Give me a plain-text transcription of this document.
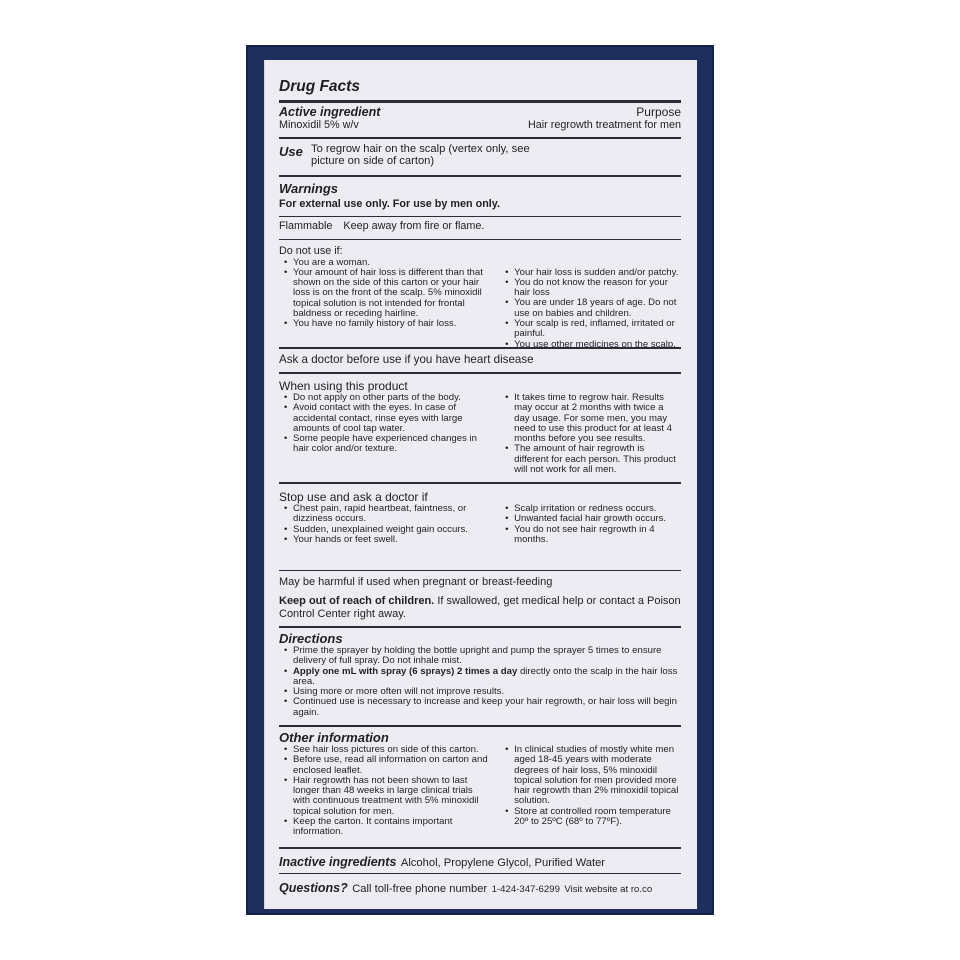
Drug Facts
Active ingredient	Purpose
Minoxidil 5% w/v	Hair regrowth treatment for men
Use To regrow hair on the scalp (vertex only, see
picture on side of carton)
Warnings
For external use only. For use by men only.
Flammable Keep away from fire or flame.
Do not use if:
• You are a woman.
• Your amount of hair loss is different than that shown on the side of this carton or your hair loss is on the front of the scalp. 5% minoxidil topical solution is not intended for frontal baldness or receding hairline.
• You have no family history of hair loss.
• Your hair loss is sudden and/or patchy.
• You do not know the reason for your hair loss
• You are under 18 years of age. Do not use on babies and children.
• Your scalp is red, inflamed, irritated or painful.
• You use other medicines on the scalp.
Ask a doctor before use if you have heart disease
When using this product
• Do not apply on other parts of the body.
• Avoid contact with the eyes. In case of accidental contact, rinse eyes with large amounts of cool tap water.
• Some people have experienced changes in hair color and/or texture.
• It takes time to regrow hair. Results may occur at 2 months with twice a day usage. For some men, you may need to use this product for at least 4 months before you see results.
• The amount of hair regrowth is different for each person. This product will not work for all men.
Stop use and ask a doctor if
• Chest pain, rapid heartbeat, faintness, or dizziness occurs.
• Sudden, unexplained weight gain occurs.
• Your hands or feet swell.
• Scalp irritation or redness occurs.
• Unwanted facial hair growth occurs.
• You do not see hair regrowth in 4 months.
May be harmful if used when pregnant or breast-feeding
Keep out of reach of children. If swallowed, get medical help or contact a Poison Control Center right away.
Directions
• Prime the sprayer by holding the bottle upright and pump the sprayer 5 times to ensure delivery of full spray. Do not inhale mist.
• Apply one mL with spray (6 sprays) 2 times a day directly onto the scalp in the hair loss area.
• Using more or more often will not improve results.
• Continued use is necessary to increase and keep your hair regrowth, or hair loss will begin again.
Other information
• See hair loss pictures on side of this carton.
• Before use, read all information on carton and enclosed leaflet.
• Hair regrowth has not been shown to last longer than 48 weeks in large clinical trials with continuous treatment with 5% minoxidil topical solution for men.
• Keep the carton. It contains important information.
• In clinical studies of mostly white men aged 18-45 years with moderate degrees of hair loss, 5% minoxidil topical solution for men provided more hair regrowth than 2% minoxidil topical solution.
• Store at controlled room temperature 20º to 25ºC (68º to 77ºF).
Inactive ingredients Alcohol, Propylene Glycol, Purified Water
Questions? Call toll-free phone number 1-424-347-6299 Visit website at ro.co
